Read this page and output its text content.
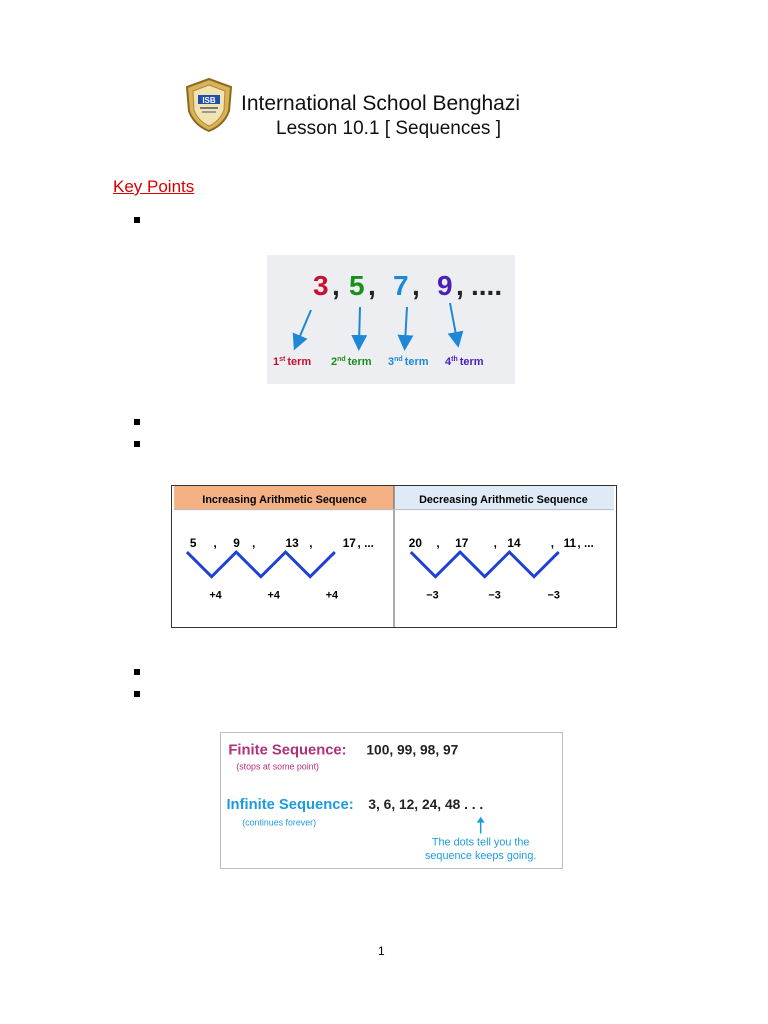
ISB International School Benghazi
Lesson 10.1 [ Sequences ]
Key Points
3 , 5 , 7 , 9 , ....
1st term 2nd term 3nd term 4th term
Increasing Arithmetic Sequence	Decreasing Arithmetic Sequence
5 , 9 ,	13 ,	17 , ...
+4	+4	+4
20 , 17 , 14	, 11 , ...
−3	−3	−3
Finite Sequence: 100, 99, 98, 97
(stops at some point)
Infinite Sequence: 3, 6, 12, 24, 48 . . .
(continues forever)
The dots tell you the
sequence keeps going.
1
